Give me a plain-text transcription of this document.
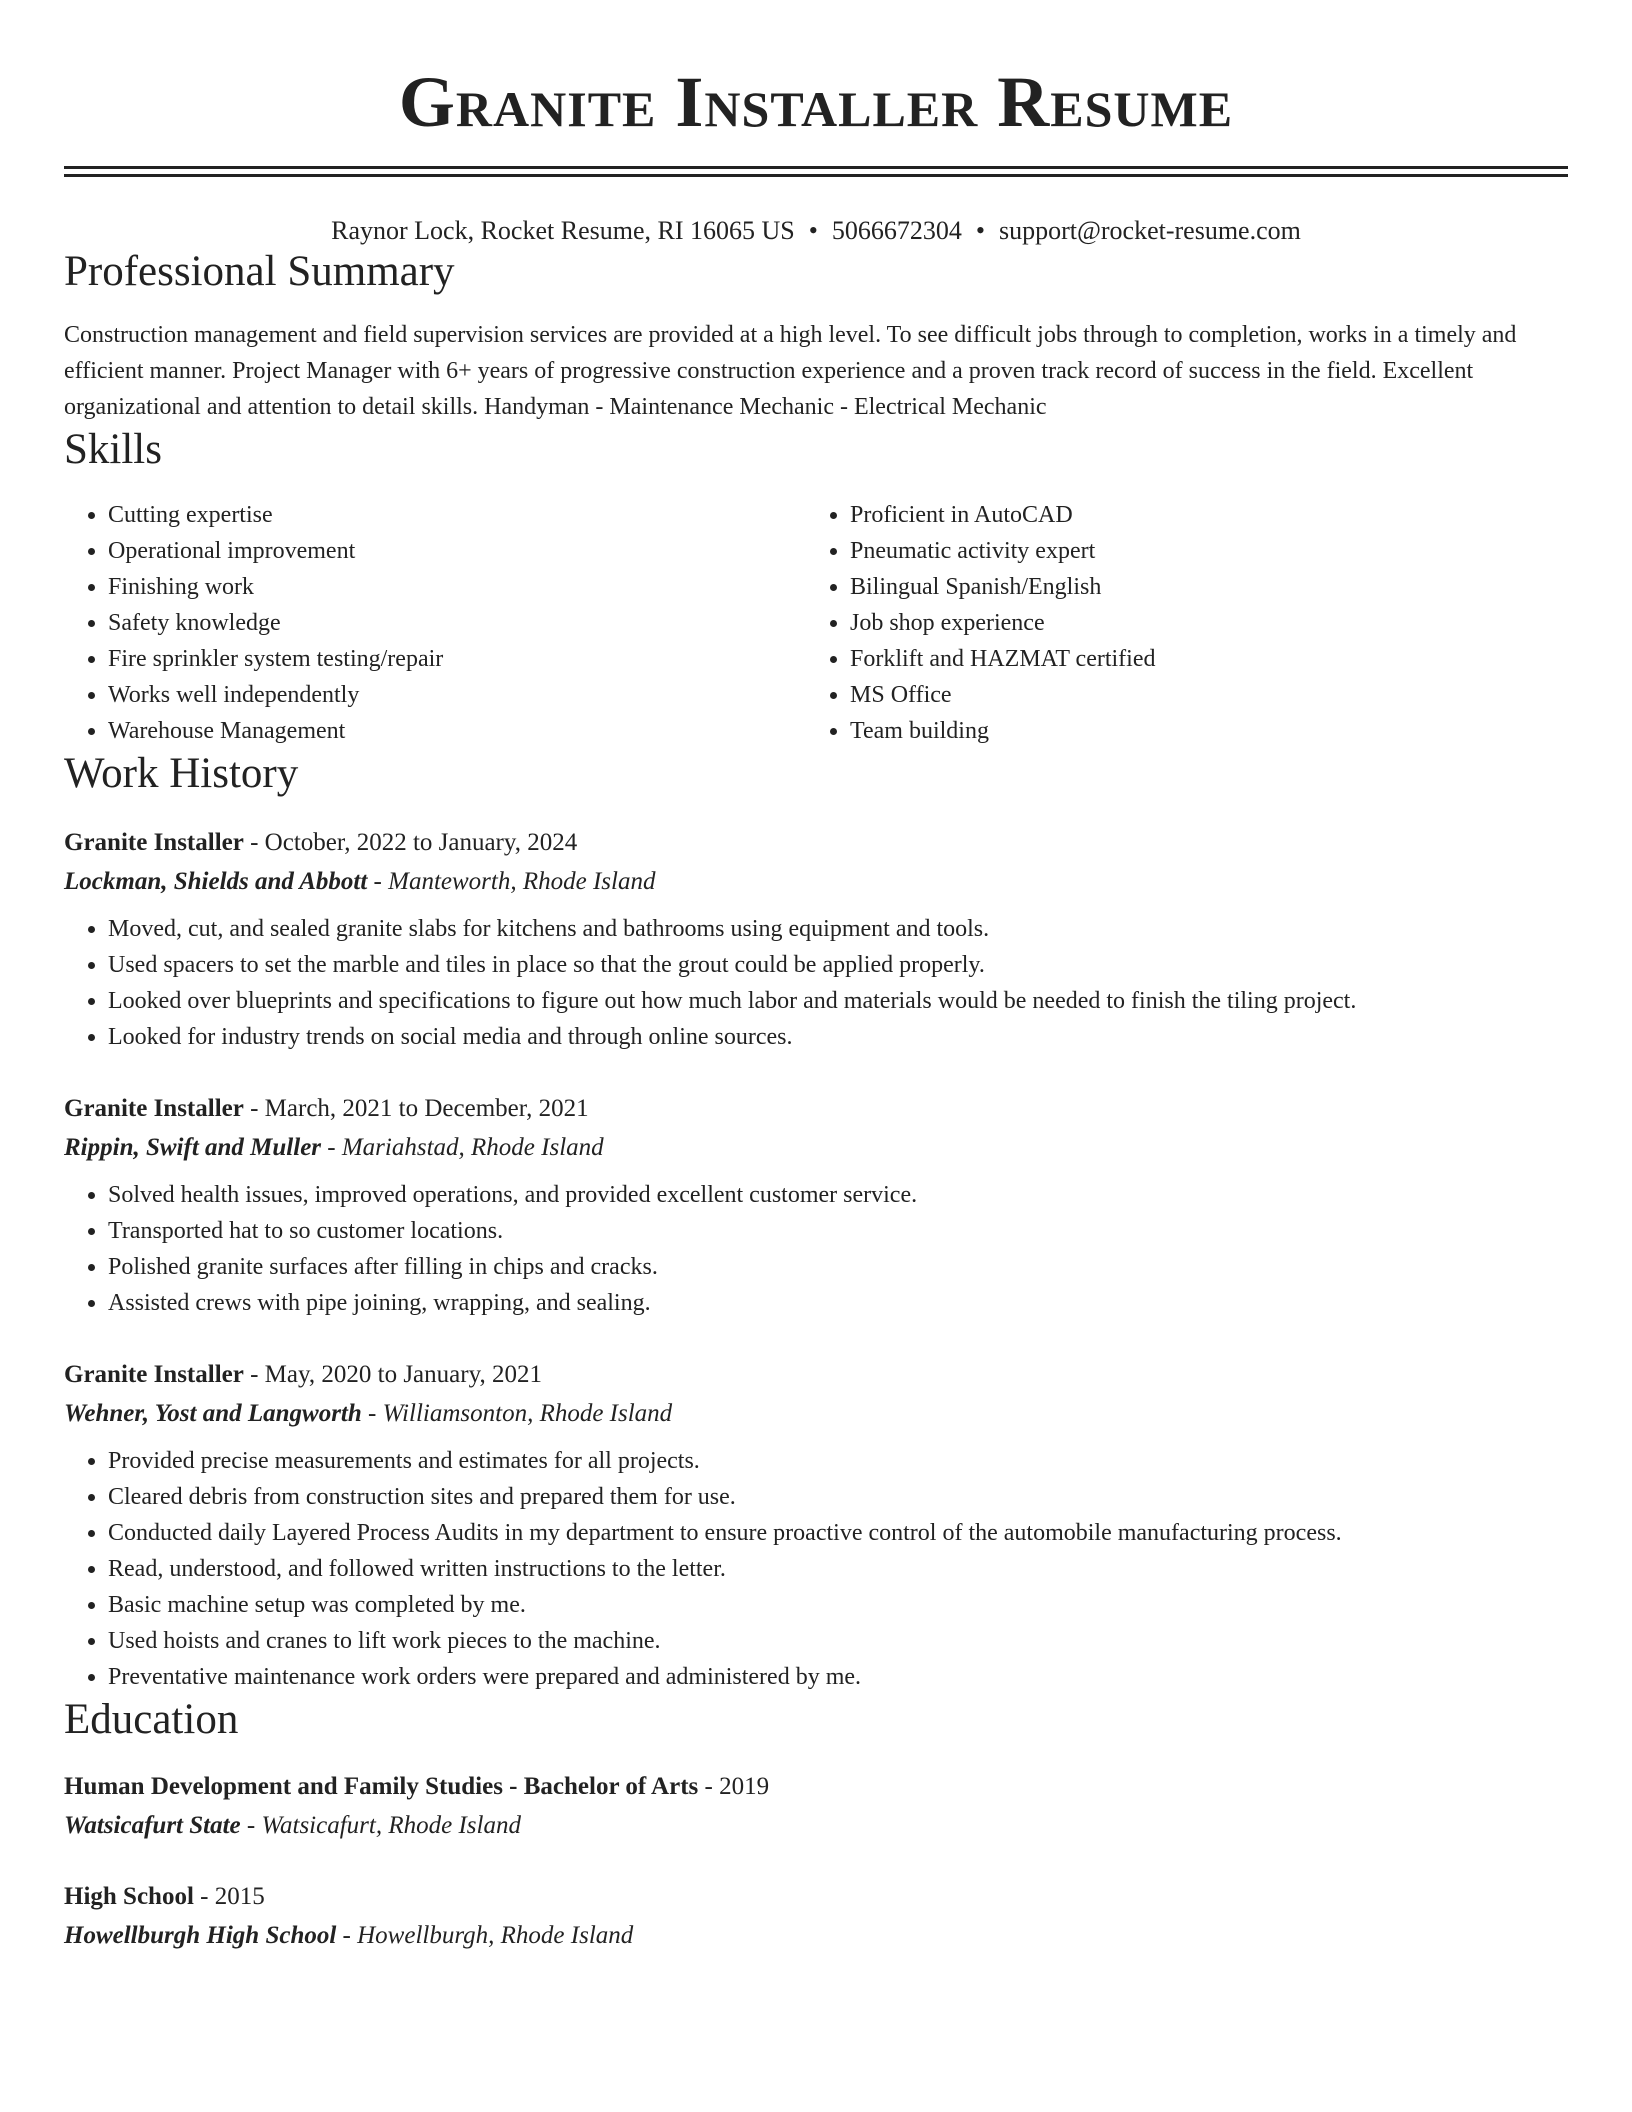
Granite Installer Resume
Raynor Lock, Rocket Resume, RI 16065 US • 5066672304 • support@rocket-resume.com
Professional Summary

Construction management and field supervision services are provided at a high level. To see difficult jobs through to completion, works in a timely and efficient manner. Project Manager with 6+ years of progressive construction experience and a proven track record of success in the field. Excellent organizational and attention to detail skills. Handyman - Maintenance Mechanic - Electrical Mechanic

Skills
• Cutting expertise
• Operational improvement
• Finishing work
• Safety knowledge
• Fire sprinkler system testing/repair
• Works well independently
• Warehouse Management
• Proficient in AutoCAD
• Pneumatic activity expert
• Bilingual Spanish/English
• Job shop experience
• Forklift and HAZMAT certified
• MS Office
• Team building
Work History
Granite Installer - October, 2022 to January, 2024
Lockman, Shields and Abbott - Manteworth, Rhode Island
• Moved, cut, and sealed granite slabs for kitchens and bathrooms using equipment and tools.
• Used spacers to set the marble and tiles in place so that the grout could be applied properly.
• Looked over blueprints and specifications to figure out how much labor and materials would be needed to finish the tiling project.
• Looked for industry trends on social media and through online sources.
Granite Installer - March, 2021 to December, 2021
Rippin, Swift and Muller - Mariahstad, Rhode Island
• Solved health issues, improved operations, and provided excellent customer service.
• Transported hat to so customer locations.
• Polished granite surfaces after filling in chips and cracks.
• Assisted crews with pipe joining, wrapping, and sealing.
Granite Installer - May, 2020 to January, 2021
Wehner, Yost and Langworth - Williamsonton, Rhode Island
• Provided precise measurements and estimates for all projects.
• Cleared debris from construction sites and prepared them for use.
• Conducted daily Layered Process Audits in my department to ensure proactive control of the automobile manufacturing process.
• Read, understood, and followed written instructions to the letter.
• Basic machine setup was completed by me.
• Used hoists and cranes to lift work pieces to the machine.
• Preventative maintenance work orders were prepared and administered by me.
Education
Human Development and Family Studies - Bachelor of Arts - 2019
Watsicafurt State - Watsicafurt, Rhode Island
High School - 2015
Howellburgh High School - Howellburgh, Rhode Island
